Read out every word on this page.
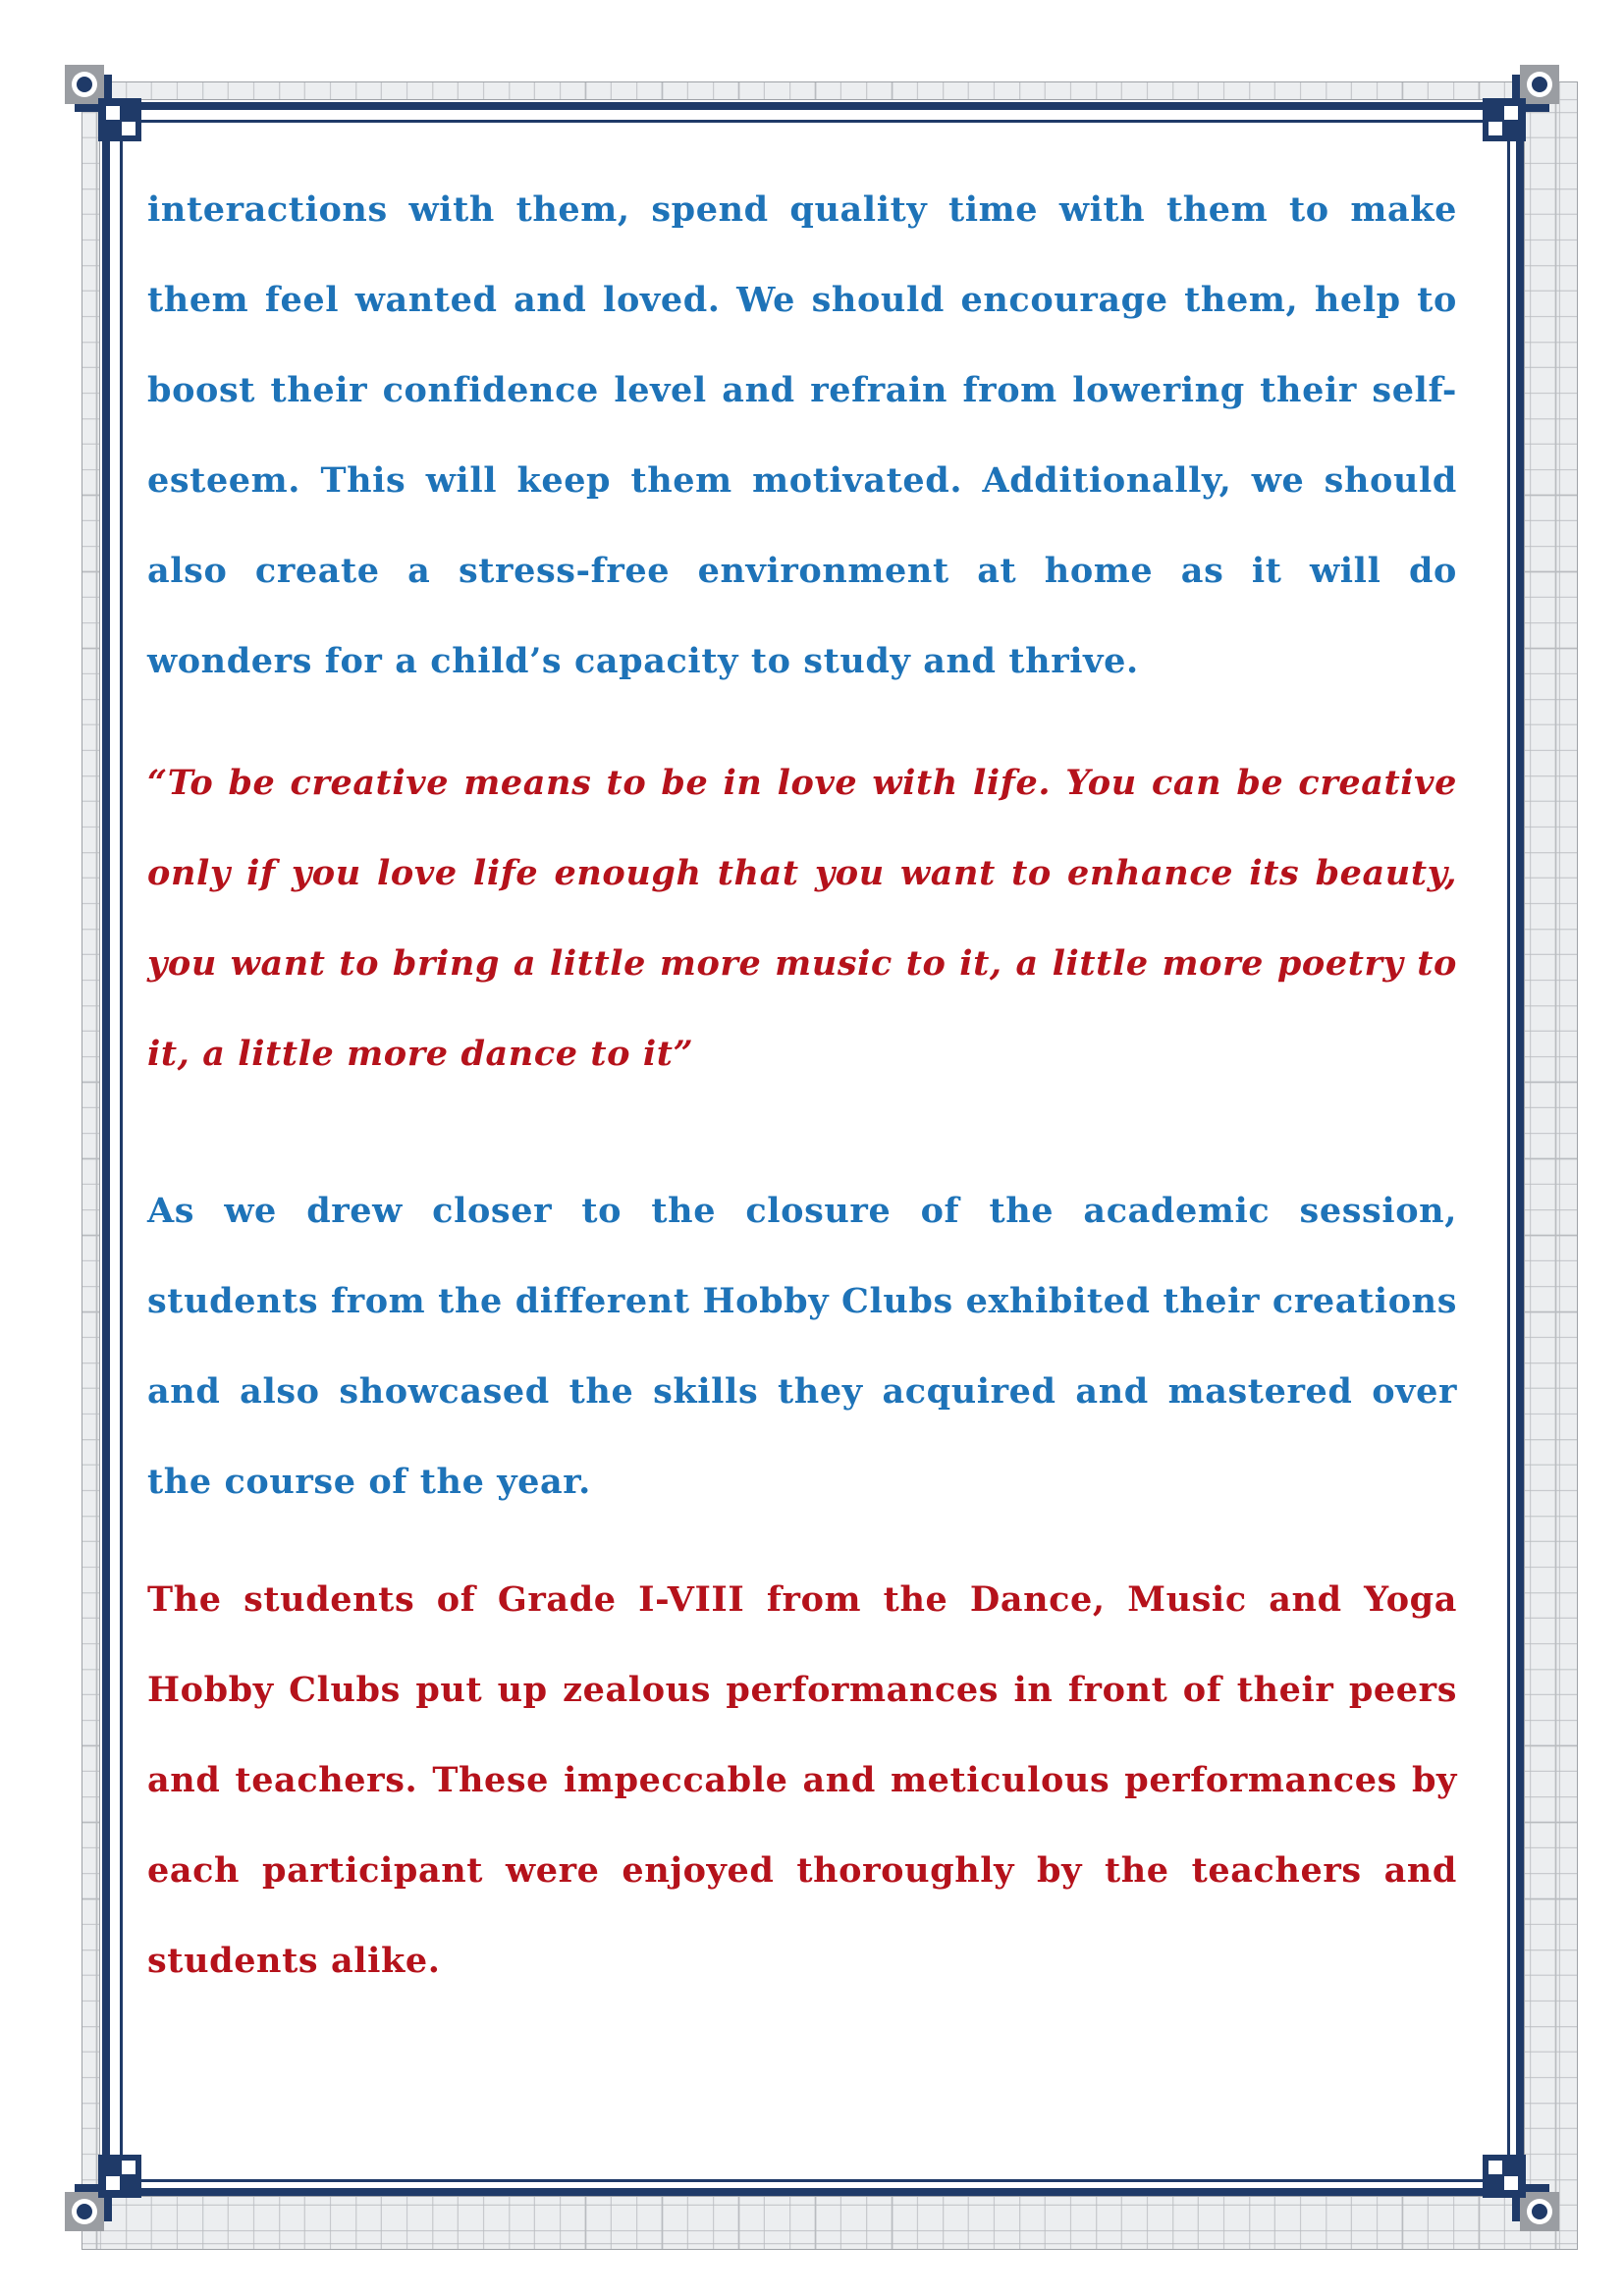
interactions with them, spend quality time with them to make them feel wanted and loved. We should encourage them, help to boost their confidence level and refrain from lowering their self-esteem. This will keep them motivated. Additionally, we should also create a stress-free environment at home as it will do wonders for a child’s capacity to study and thrive.

“To be creative means to be in love with life. You can be creative only if you love life enough that you want to enhance its beauty, you want to bring a little more music to it, a little more poetry to it, a little more dance to it”

As we drew closer to the closure of the academic session, students from the different Hobby Clubs exhibited their creations and also showcased the skills they acquired and mastered over the course of the year.

The students of Grade I-VIII from the Dance, Music and Yoga Hobby Clubs put up zealous performances in front of their peers and teachers. These impeccable and meticulous performances by each participant were enjoyed thoroughly by the teachers and students alike.
